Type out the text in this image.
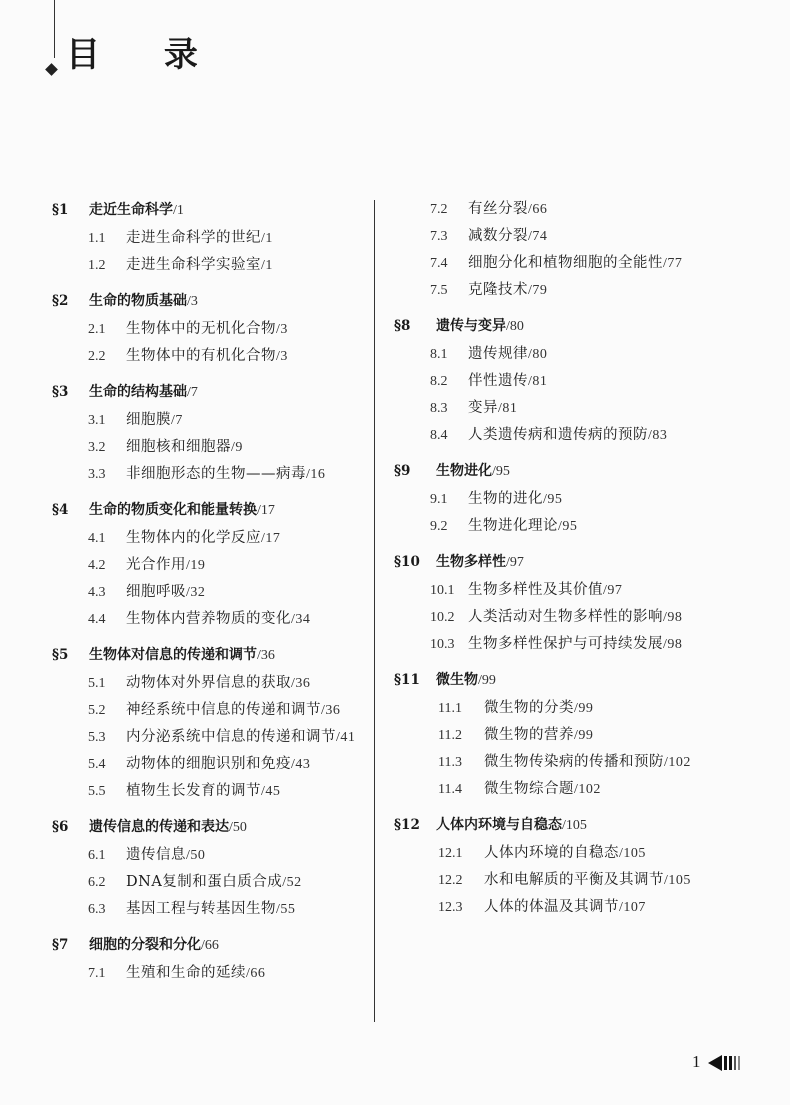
目 录
§1	走近生命科学/1
1.1	走进生命科学的世纪/1
1.2	走进生命科学实验室/1
§2	生命的物质基础/3
2.1	生物体中的无机化合物/3
2.2	生物体中的有机化合物/3
§3	生命的结构基础/7
3.1	细胞膜/7
3.2	细胞核和细胞器/9
3.3	非细胞形态的生物——病毒/16
§4	生命的物质变化和能量转换/17
4.1	生物体内的化学反应/17
4.2	光合作用/19
4.3	细胞呼吸/32
4.4	生物体内营养物质的变化/34
§5	生物体对信息的传递和调节/36
5.1	动物体对外界信息的获取/36
5.2	神经系统中信息的传递和调节/36
5.3	内分泌系统中信息的传递和调节/41
5.4	动物体的细胞识别和免疫/43
5.5	植物生长发育的调节/45
§6	遗传信息的传递和表达/50
6.1	遗传信息/50
6.2	DNA复制和蛋白质合成/52
6.3	基因工程与转基因生物/55
§7	细胞的分裂和分化/66
7.1	生殖和生命的延续/66
7.2	有丝分裂/66
7.3	减数分裂/74
7.4	细胞分化和植物细胞的全能性/77
7.5	克隆技术/79
§8	遗传与变异/80
8.1	遗传规律/80
8.2	伴性遗传/81
8.3	变异/81
8.4	人类遗传病和遗传病的预防/83
§9	生物进化/95
9.1	生物的进化/95
9.2	生物进化理论/95
§10	生物多样性/97
10.1 生物多样性及其价值/97
10.2 人类活动对生物多样性的影响/98
10.3 生物多样性保护与可持续发展/98
§11	微生物/99
11.1	微生物的分类/99
11.2	微生物的营养/99
11.3	微生物传染病的传播和预防/102
11.4	微生物综合题/102
§12	人体内环境与自稳态/105
12.1	人体内环境的自稳态/105
12.2	水和电解质的平衡及其调节/105
12.3	人体的体温及其调节/107
1
